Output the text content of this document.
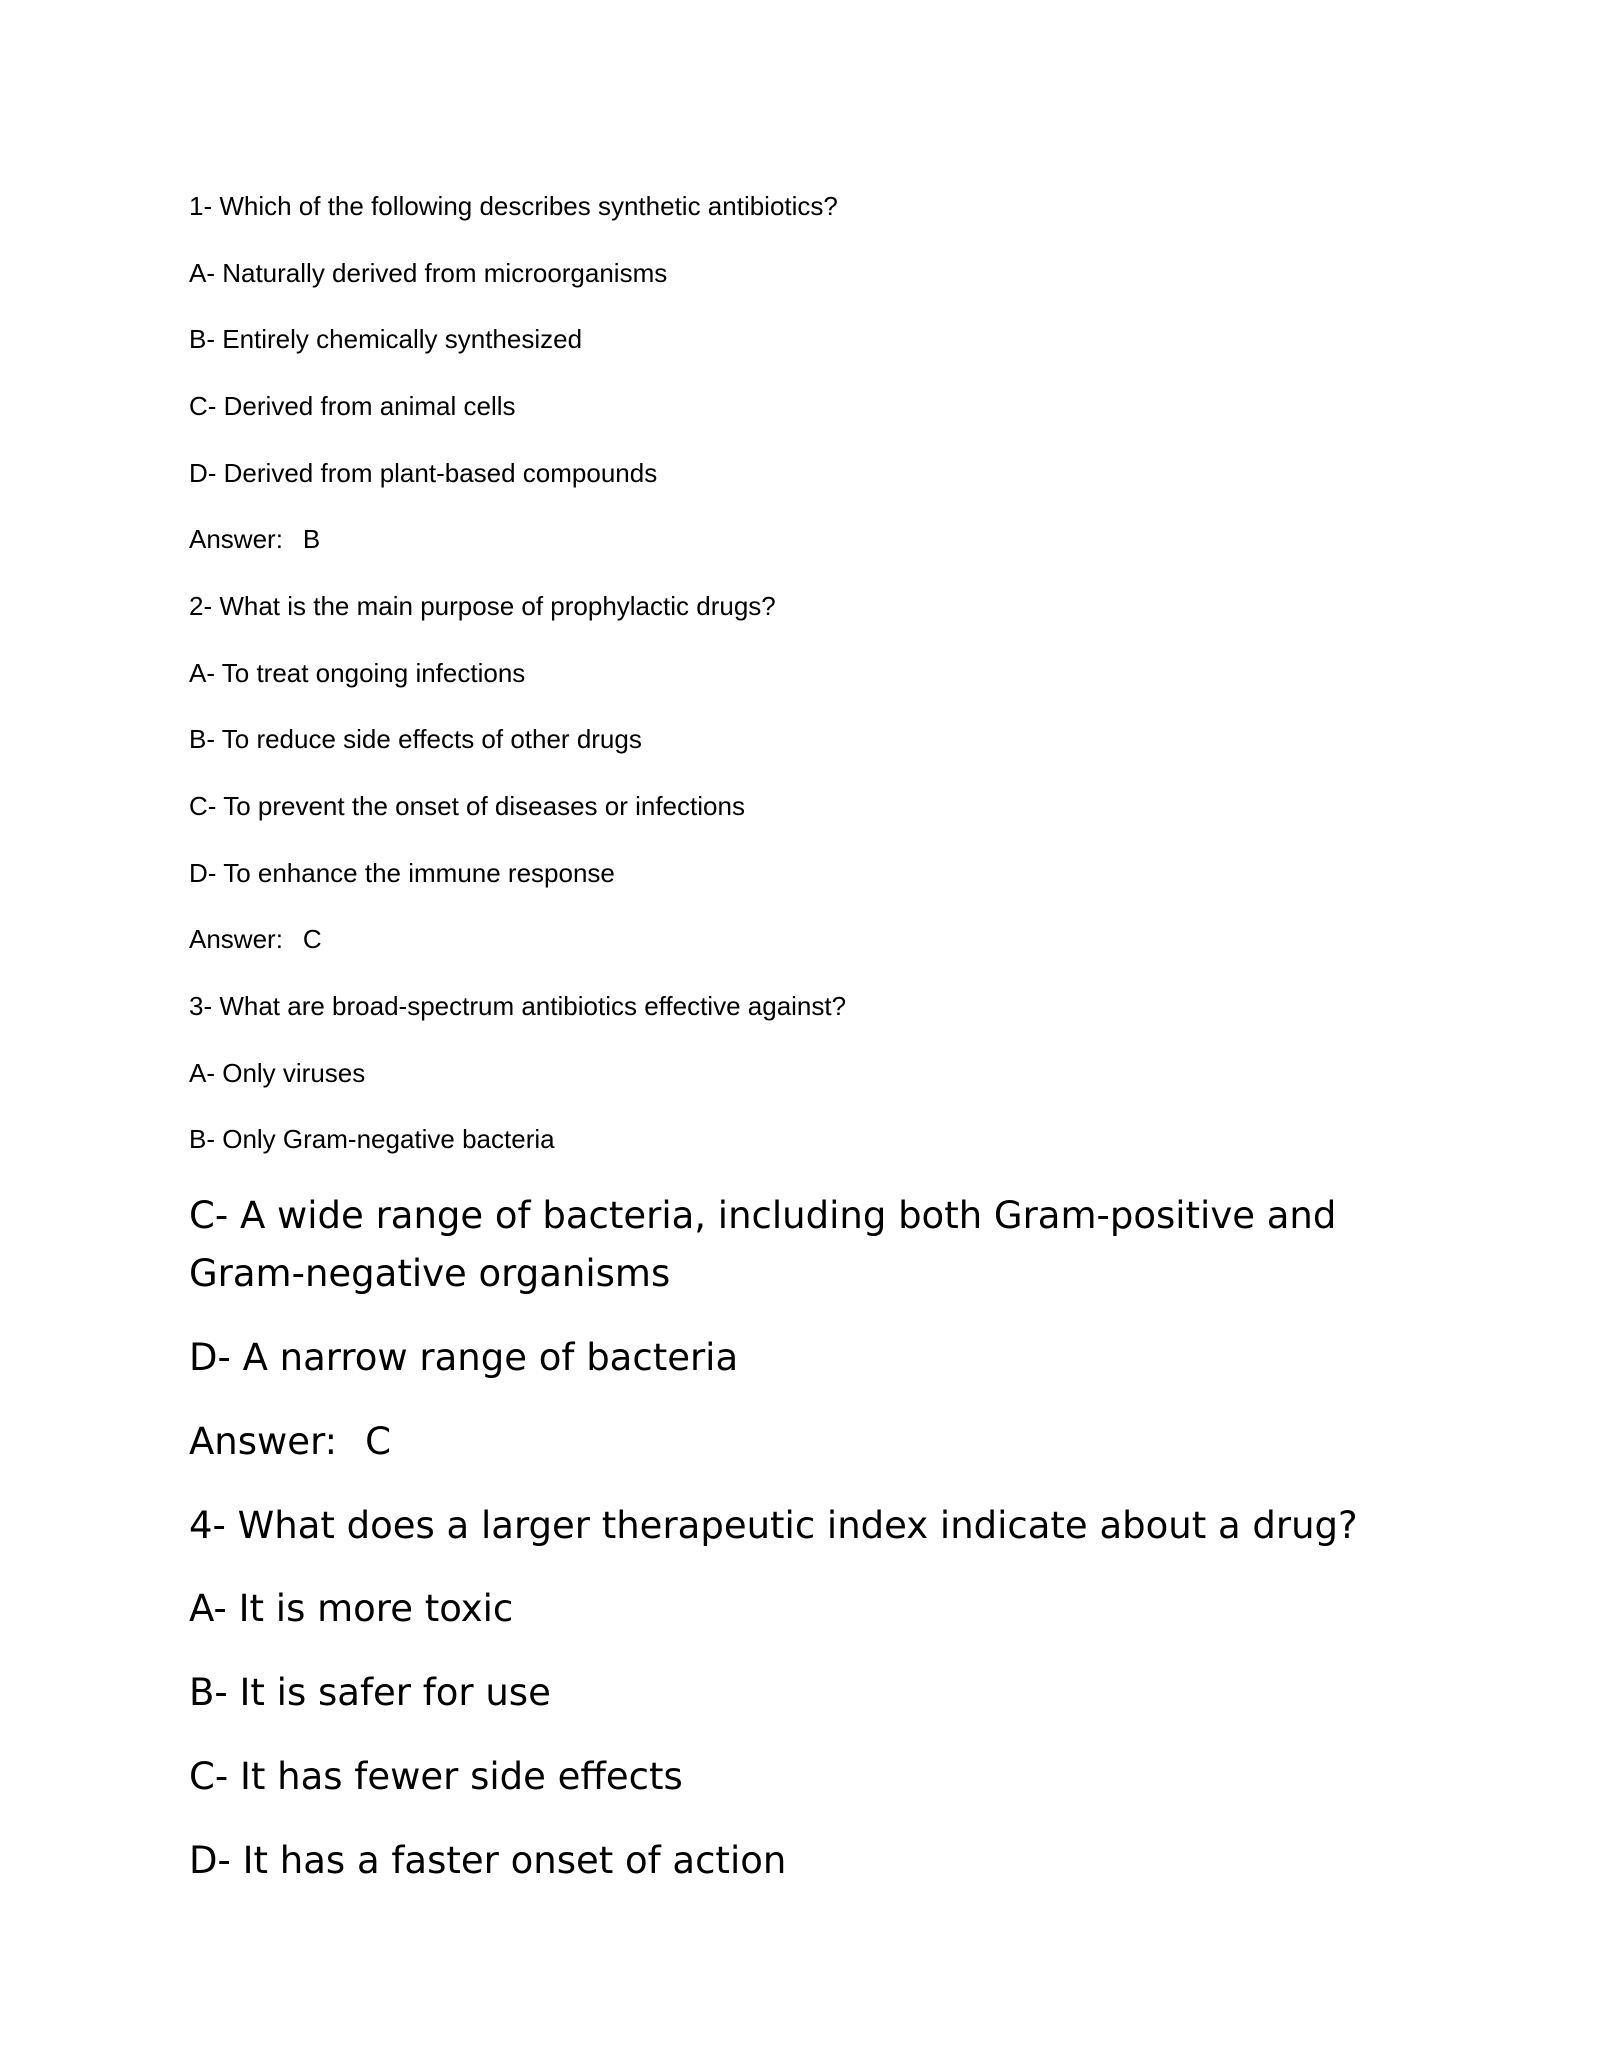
1- Which of the following describes synthetic antibiotics?

A- Naturally derived from microorganisms

B- Entirely chemically synthesized

C- Derived from animal cells

D- Derived from plant-based compounds

Answer: B

2- What is the main purpose of prophylactic drugs?

A- To treat ongoing infections

B- To reduce side effects of other drugs

C- To prevent the onset of diseases or infections

D- To enhance the immune response

Answer: C

3- What are broad-spectrum antibiotics effective against?

A- Only viruses

B- Only Gram-negative bacteria

C- A wide range of bacteria, including both Gram-positive and Gram-negative organisms

D- A narrow range of bacteria

Answer: C

4- What does a larger therapeutic index indicate about a drug?

A- It is more toxic

B- It is safer for use

C- It has fewer side effects

D- It has a faster onset of action
